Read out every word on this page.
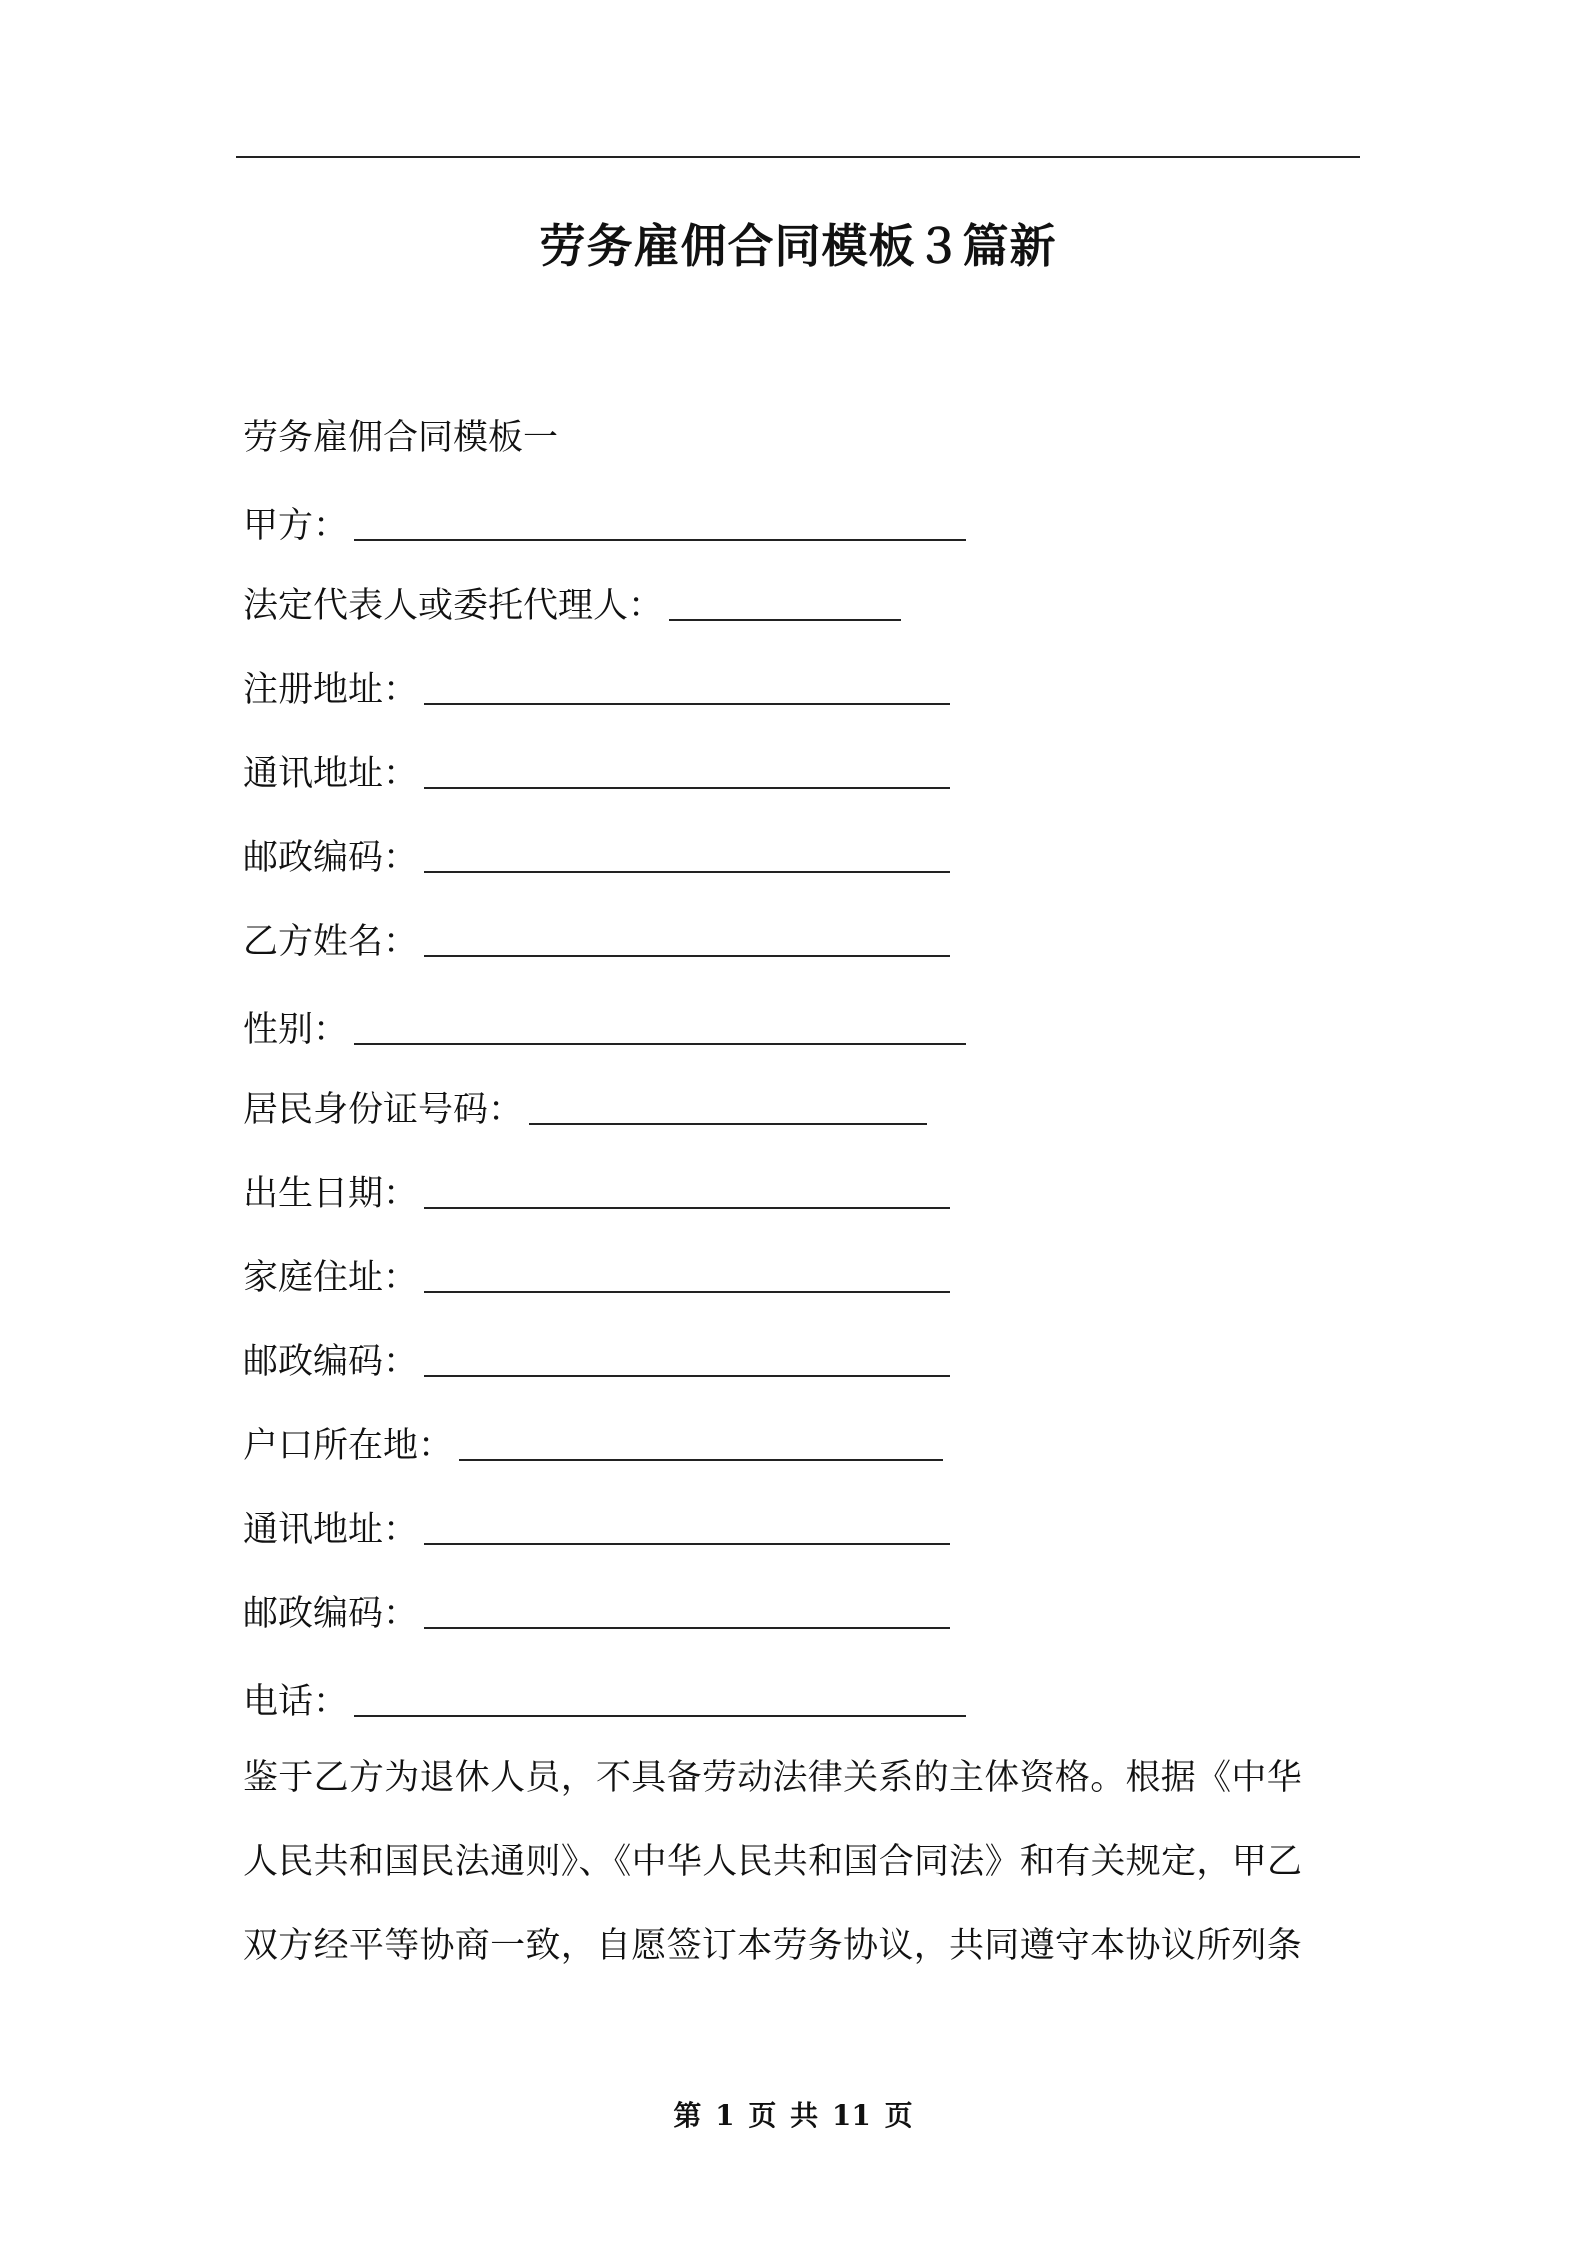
劳务雇佣合同模板３篇新
劳务雇佣合同模板一
甲方：
法定代表人或委托代理人：
注册地址：
通讯地址：
邮政编码：
乙方姓名：
性别：
居民身份证号码：
出生日期：
家庭住址：
邮政编码：
户口所在地：
通讯地址：
邮政编码：
电话：
鉴于乙方为退休人员，不具备劳动法律关系的主体资格。根据《中华
人民共和国民法通则》、《中华人民共和国合同法》和有关规定，甲乙
双方经平等协商一致，自愿签订本劳务协议，共同遵守本协议所列条
第 1 页 共 11 页
